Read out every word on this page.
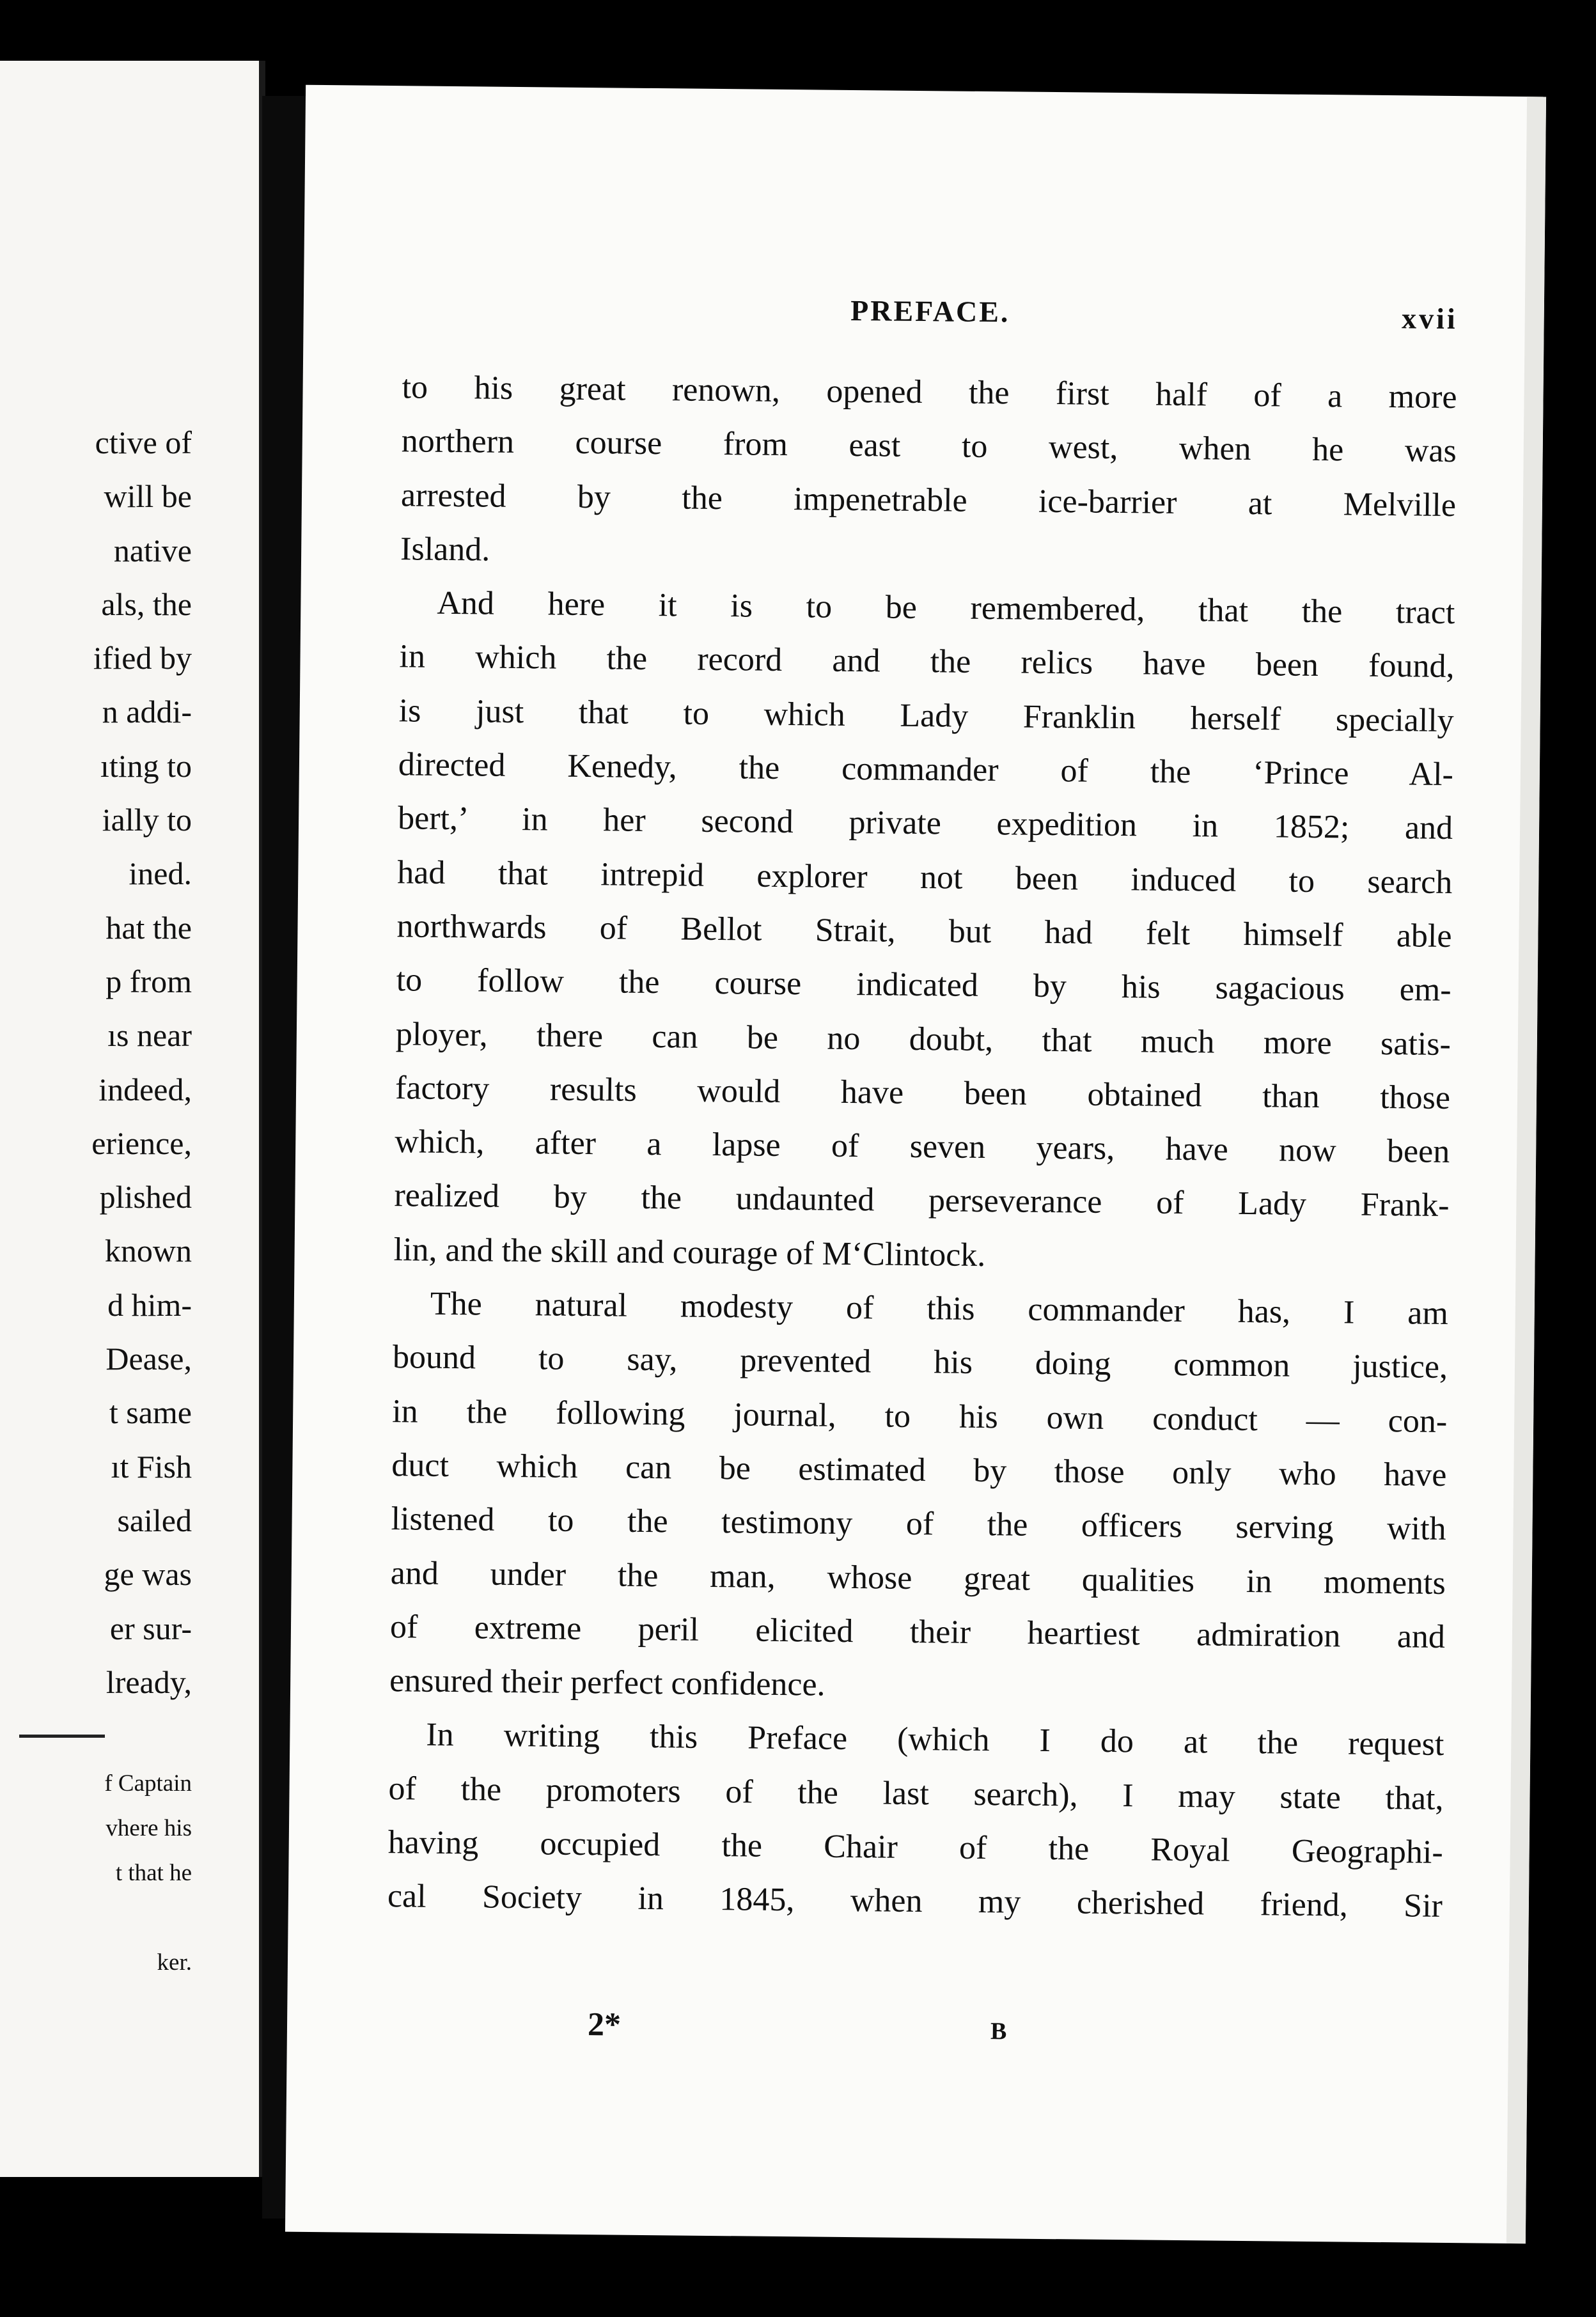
ctive of
will be
native
als, the
ified by
n addi-
ıting to
ially to
ined.
hat the
p from
ıs near
indeed,
erience,
plished
known
d him-
Dease,
t same
ıt Fish
sailed
ge was
er sur-
lready,
f Captain
vhere his
t that he
ker.
PREFACE.	xvii
to his great renown, opened the first half of a more
northern course from east to west, when he was
arrested by the impenetrable ice-barrier at Melville
Island.
And here it is to be remembered, that the tract
in which the record and the relics have been found,
is just that to which Lady Franklin herself specially
directed Kenedy, the commander of the ‘Prince Al-
bert,’ in her second private expedition in 1852; and
had that intrepid explorer not been induced to search
northwards of Bellot Strait, but had felt himself able
to follow the course indicated by his sagacious em-
ployer, there can be no doubt, that much more satis-
factory results would have been obtained than those
which, after a lapse of seven years, have now been
realized by the undaunted perseverance of Lady Frank-
lin, and the skill and courage of M‘Clintock.
The natural modesty of this commander has, I am
bound to say, prevented his doing common justice,
in the following journal, to his own conduct — con-
duct which can be estimated by those only who have
listened to the testimony of the officers serving with
and under the man, whose great qualities in moments
of extreme peril elicited their heartiest admiration and
ensured their perfect confidence.
In writing this Preface (which I do at the request
of the promoters of the last search), I may state that,
having occupied the Chair of the Royal Geographi-
cal Society in 1845, when my cherished friend, Sir
2*	B
